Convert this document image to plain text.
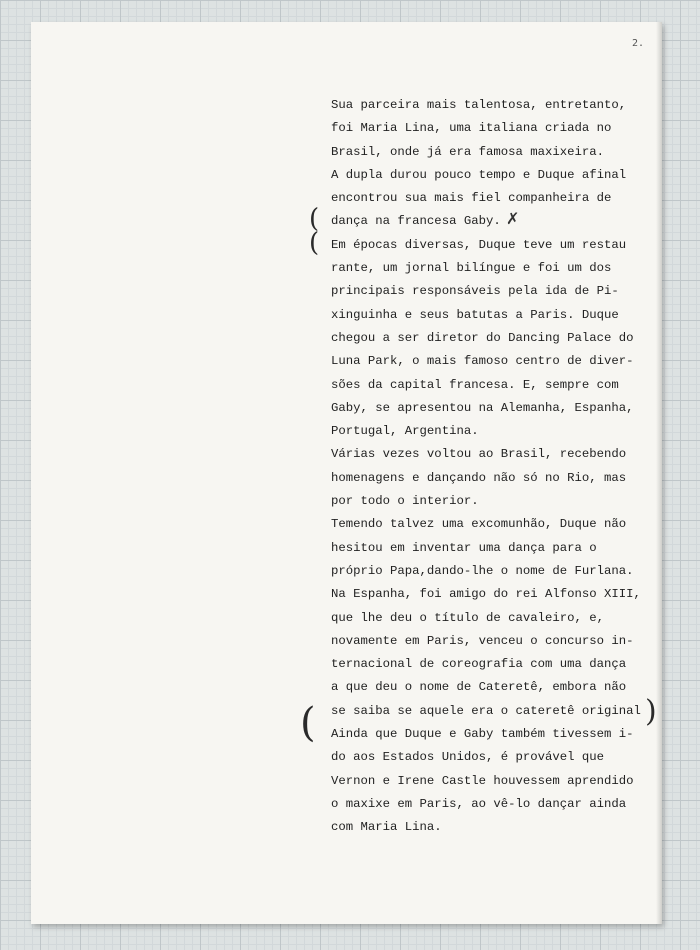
2.
(
(
(	)
✗
Sua parceira mais talentosa, entretanto,
foi Maria Lina, uma italiana criada no
Brasil, onde já era famosa maxixeira.
A dupla durou pouco tempo e Duque afinal
encontrou sua mais fiel companheira de
dança na francesa Gaby.
Em épocas diversas, Duque teve um restau
rante, um jornal bilíngue e foi um dos
principais responsáveis pela ida de Pi-
xinguinha e seus batutas a Paris. Duque
chegou a ser diretor do Dancing Palace do
Luna Park, o mais famoso centro de diver-
sões da capital francesa. E, sempre com
Gaby, se apresentou na Alemanha, Espanha,
Portugal, Argentina.
Várias vezes voltou ao Brasil, recebendo
homenagens e dançando não só no Rio, mas
por todo o interior.
Temendo talvez uma excomunhão, Duque não
hesitou em inventar uma dança para o
próprio Papa,dando-lhe o nome de Furlana.
Na Espanha, foi amigo do rei Alfonso XIII,
que lhe deu o título de cavaleiro, e,
novamente em Paris, venceu o concurso in-
ternacional de coreografia com uma dança
a que deu o nome de Cateretê, embora não
se saiba se aquele era o cateretê original
Ainda que Duque e Gaby também tivessem i-
do aos Estados Unidos, é provável que
Vernon e Irene Castle houvessem aprendido
o maxixe em Paris, ao vê-lo dançar ainda
com Maria Lina.
